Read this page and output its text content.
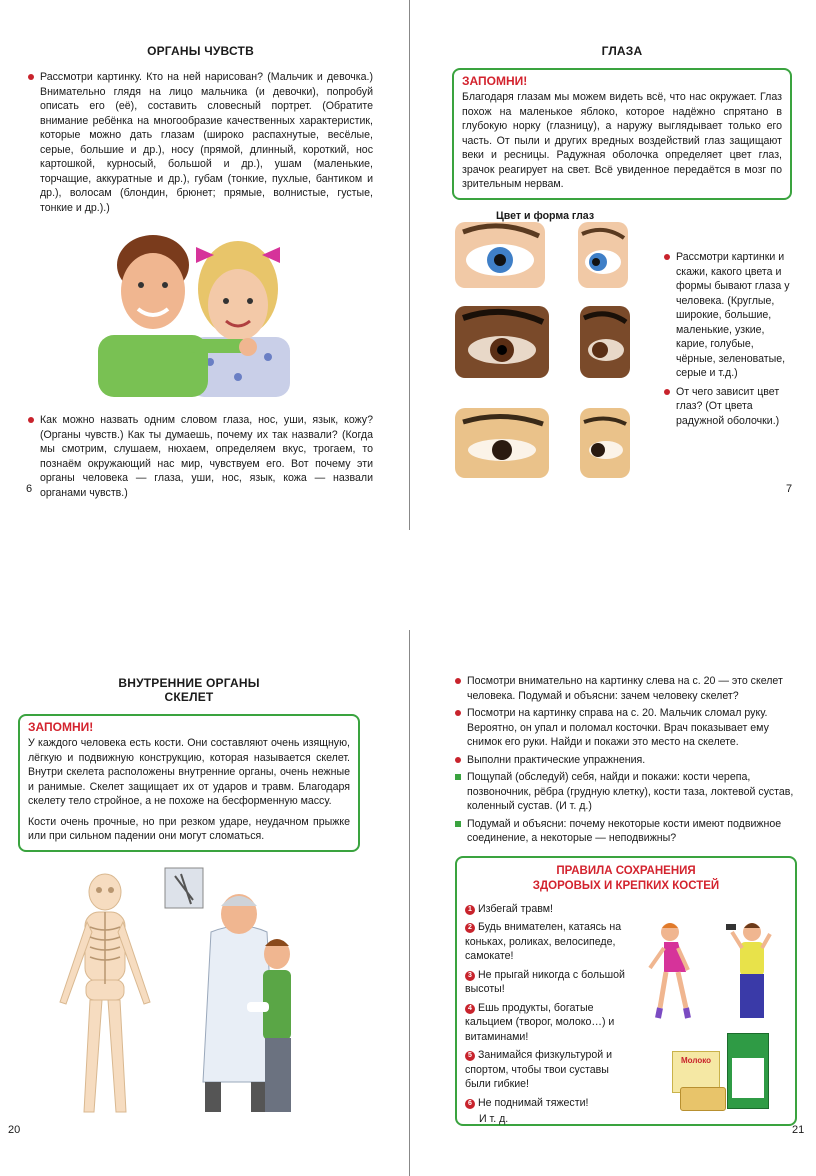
ОРГАНЫ ЧУВСТВ
Рассмотри картинку. Кто на ней нарисован? (Мальчик и девочка.) Внимательно глядя на лицо мальчика (и девочки), попробуй описать его (её), составить словесный портрет. (Обратите внимание ребёнка на многообразие качественных характеристик, которые можно дать глазам (широко распахнутые, весёлые, серые, большие и др.), носу (прямой, длинный, короткий, нос картошкой, курносый, большой и др.), ушам (маленькие, торчащие, аккуратные и др.), губам (тонкие, пухлые, бантиком и др.), волосам (блондин, брюнет; прямые, волнистые, густые, тонкие и др.).)
Как можно назвать одним словом глаза, нос, уши, язык, кожу? (Органы чувств.) Как ты думаешь, почему их так назвали? (Когда мы смотрим, слушаем, нюхаем, определяем вкус, трогаем, то познаём окружающий нас мир, чувствуем его. Вот почему эти органы человека — глаза, уши, нос, язык, кожа — назвали органами чувств.)
6
ГЛАЗА
ЗАПОМНИ!
Благодаря глазам мы можем видеть всё, что нас окружает. Глаз похож на маленькое яблоко, которое надёжно спрятано в глубокую норку (глазницу), а наружу выглядывает только его часть. От пыли и других вредных воздействий глаз защищают веки и ресницы. Радужная оболочка определяет цвет глаз, зрачок реагирует на свет. Всё увиденное передаётся в мозг по зрительным нервам.
Цвет и форма глаз
Рассмотри картинки и скажи, какого цвета и формы бывают глаза у человека. (Круглые, широкие, большие, маленькие, узкие, карие, голубые, чёрные, зеленоватые, серые и т.д.)
От чего зависит цвет глаз? (От цвета радужной оболочки.)
7
ВНУТРЕННИЕ ОРГАНЫ
СКЕЛЕТ
ЗАПОМНИ!
У каждого человека есть кости. Они составляют очень изящную, лёгкую и подвижную конструкцию, которая называется скелет. Внутри скелета расположены внутренние органы, очень нежные и ранимые. Скелет защищает их от ударов и травм. Благодаря скелету тело стройное, а не похоже на бесформенную массу.
Кости очень прочные, но при резком ударе, неудачном прыжке или при сильном падении они могут сломаться.
20
Посмотри внимательно на картинку слева на с. 20 — это скелет человека. Подумай и объясни: зачем человеку скелет?
Посмотри на картинку справа на с. 20. Мальчик сломал руку. Вероятно, он упал и поломал косточки. Врач показывает ему снимок его руки. Найди и покажи это место на скелете.
Выполни практические упражнения.
Пощупай (обследуй) себя, найди и покажи: кости черепа, позвоночник, рёбра (грудную клетку), кости таза, локтевой сустав, коленный сустав. (И т. д.)
Подумай и объясни: почему некоторые кости имеют подвижное соединение, а некоторые — неподвижны?
ПРАВИЛА СОХРАНЕНИЯ
ЗДОРОВЫХ И КРЕПКИХ КОСТЕЙ
1 Избегай травм!
2 Будь внимателен, катаясь на коньках, роликах, велосипеде, самокате!
3 Не прыгай никогда с большой высоты!
4 Ешь продукты, богатые кальцием (творог, молоко…) и витаминами!
5 Занимайся физкультурой и спортом, чтобы твои суставы были гибкие!
6 Не поднимай тяжести!
И т. д.
Молоко
21
